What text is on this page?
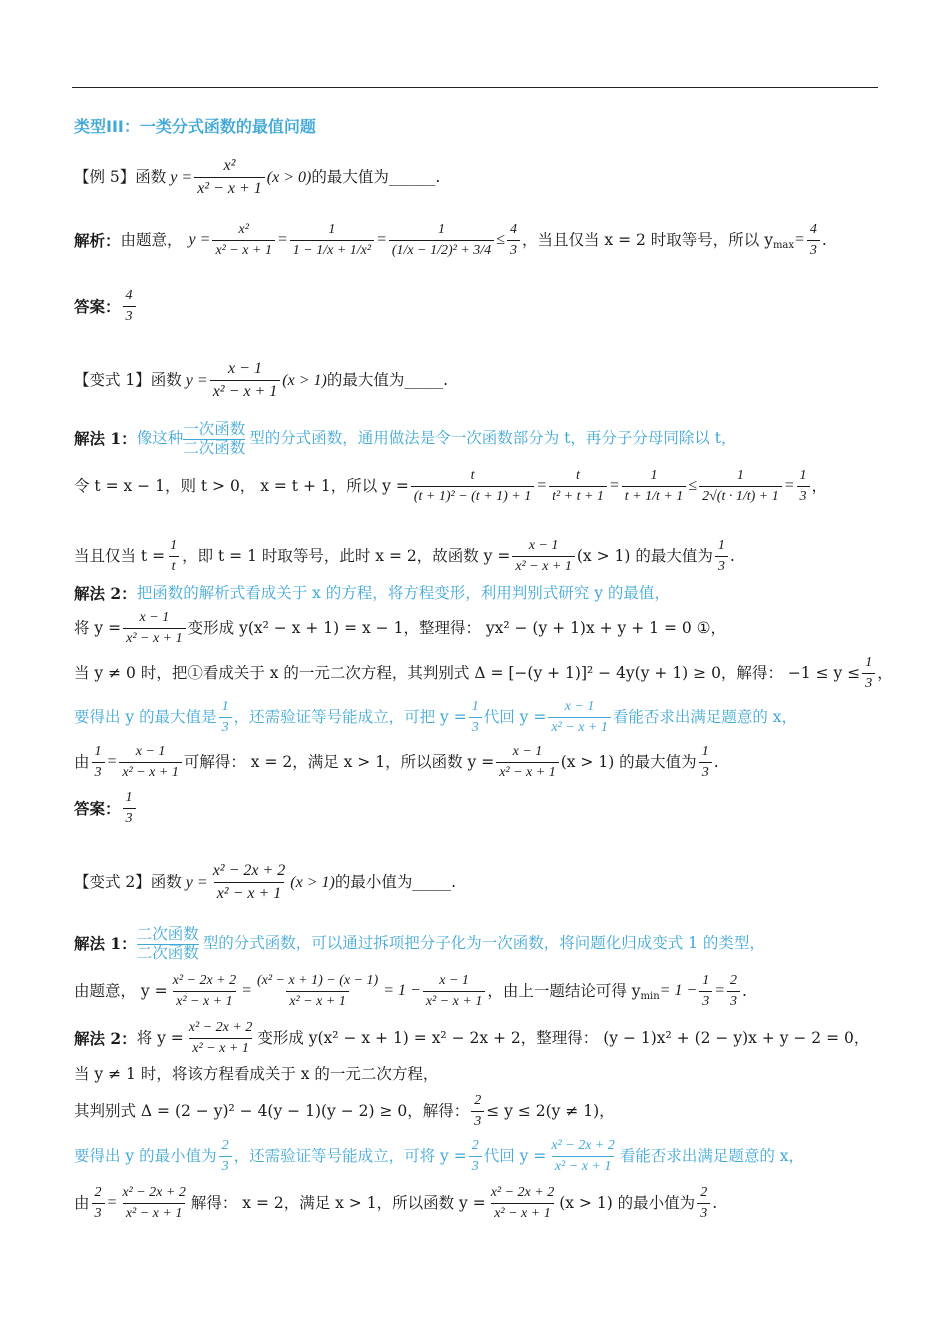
类型III：一类分式函数的最值问题
【例 5】函数 $y = \frac{\text{x²}}{\text{x² − x + 1}} (x > 0)$ 的最大值为______.
解析： 由题意， $y = \frac{\text{x²}}{\text{x² − x + 1}} = \frac{1}{\text{1 − 1/x + 1/x²}} = \frac{1}{\text{(1/x − 1/2)² + 3/4}} \le \frac{4}{3}$ ，当且仅当 x = 2 时取等号，所以 y $\max = \frac{4}{3}$ .
答案： $\frac{4}{3}$
【变式 1】函数 $y = \frac{x - 1}{\text{x² − x + 1}} (x > 1)$ 的最大值为_____.
解法 1： 像这种
一次函数
二次函数
型的分式函数，通用做法是令一次函数部分为 t，再分子分母同除以 t，
令 t = x − 1，则 t > 0， x = t + 1，所以 $y = \frac{t}{\text{(t + 1)² − (t + 1) + 1}} = \frac{t}{\text{t² + t + 1}} = \frac{1}{t + 1/t + 1} \le \frac{1}{2√(t \cdot 1/t) + 1} = \frac{1}{3}$ ，
当且仅当 $t = \frac{1}{t}$ ，即 t = 1 时取等号，此时 x = 2，故函数 $y = \frac{x - 1}{\text{x² − x + 1}} (x > 1)$ 的最大值为 $\frac{1}{3}$ .
解法 2： 把函数的解析式看成关于 x 的方程，将方程变形，利用判别式研究 y 的最值，
将 $y = \frac{x - 1}{\text{x² − x + 1}}$ 变形成 y(x² − x + 1) = x − 1，整理得： yx² − (y + 1)x + y + 1 = 0 ①，
当 y ≠ 0 时，把①看成关于 x 的一元二次方程，其判别式 Δ = [−(y + 1)]² − 4y(y + 1) ≥ 0，解得： $-1 \le y \le \frac{1}{3}$ ，
要得出 y 的最大值是 $\frac{1}{3}$ ，还需验证等号能成立，可把 $y = \frac{1}{3}$ 代回 $y = \frac{x - 1}{\text{x² − x + 1}}$ 看能否求出满足题意的 x，
由 $\frac{1}{3} = \frac{x - 1}{\text{x² − x + 1}}$ 可解得： x = 2，满足 x > 1，所以函数 $y = \frac{x - 1}{\text{x² − x + 1}} (x > 1)$ 的最大值为 $\frac{1}{3}$ .
答案： $\frac{1}{3}$
【变式 2】函数 $y = \frac{\text{x² − 2x + 2}}{\text{x² − x + 1}} (x > 1)$ 的最小值为_____.
解法 1：
二次函数
二次函数
型的分式函数，可以通过拆项把分子化为一次函数，将问题化归成变式 1 的类型，
由题意， $y = \frac{\text{x² − 2x + 2}}{\text{x² − x + 1}} = \frac{\text{(x² − x + 1) − (x − 1)}}{\text{x² − x + 1}} = 1 - \frac{x - 1}{\text{x² − x + 1}}$ ，由上一题结论可得 y $\min = 1 - \frac{1}{3} = \frac{2}{3}$ .
解法 2： 将 $y = \frac{\text{x² − 2x + 2}}{\text{x² − x + 1}}$ 变形成 y(x² − x + 1) = x² − 2x + 2，整理得： (y − 1)x² + (2 − y)x + y − 2 = 0，
当 y ≠ 1 时，将该方程看成关于 x 的一元二次方程，
其判别式 Δ = (2 − y)² − 4(y − 1)(y − 2) ≥ 0，解得： $\frac{2}{3} \le y \le 2(y \ne 1)$，
要得出 y 的最小值为 $\frac{2}{3}$ ，还需验证等号能成立，可将 $y = \frac{2}{3}$ 代回 $y = \frac{\text{x² − 2x + 2}}{\text{x² − x + 1}}$ 看能否求出满足题意的 x，
由 $\frac{2}{3} = \frac{\text{x² − 2x + 2}}{\text{x² − x + 1}}$ 解得： x = 2，满足 x > 1，所以函数 $y = \frac{\text{x² − 2x + 2}}{\text{x² − x + 1}} (x > 1)$ 的最小值为 $\frac{2}{3}$ .
